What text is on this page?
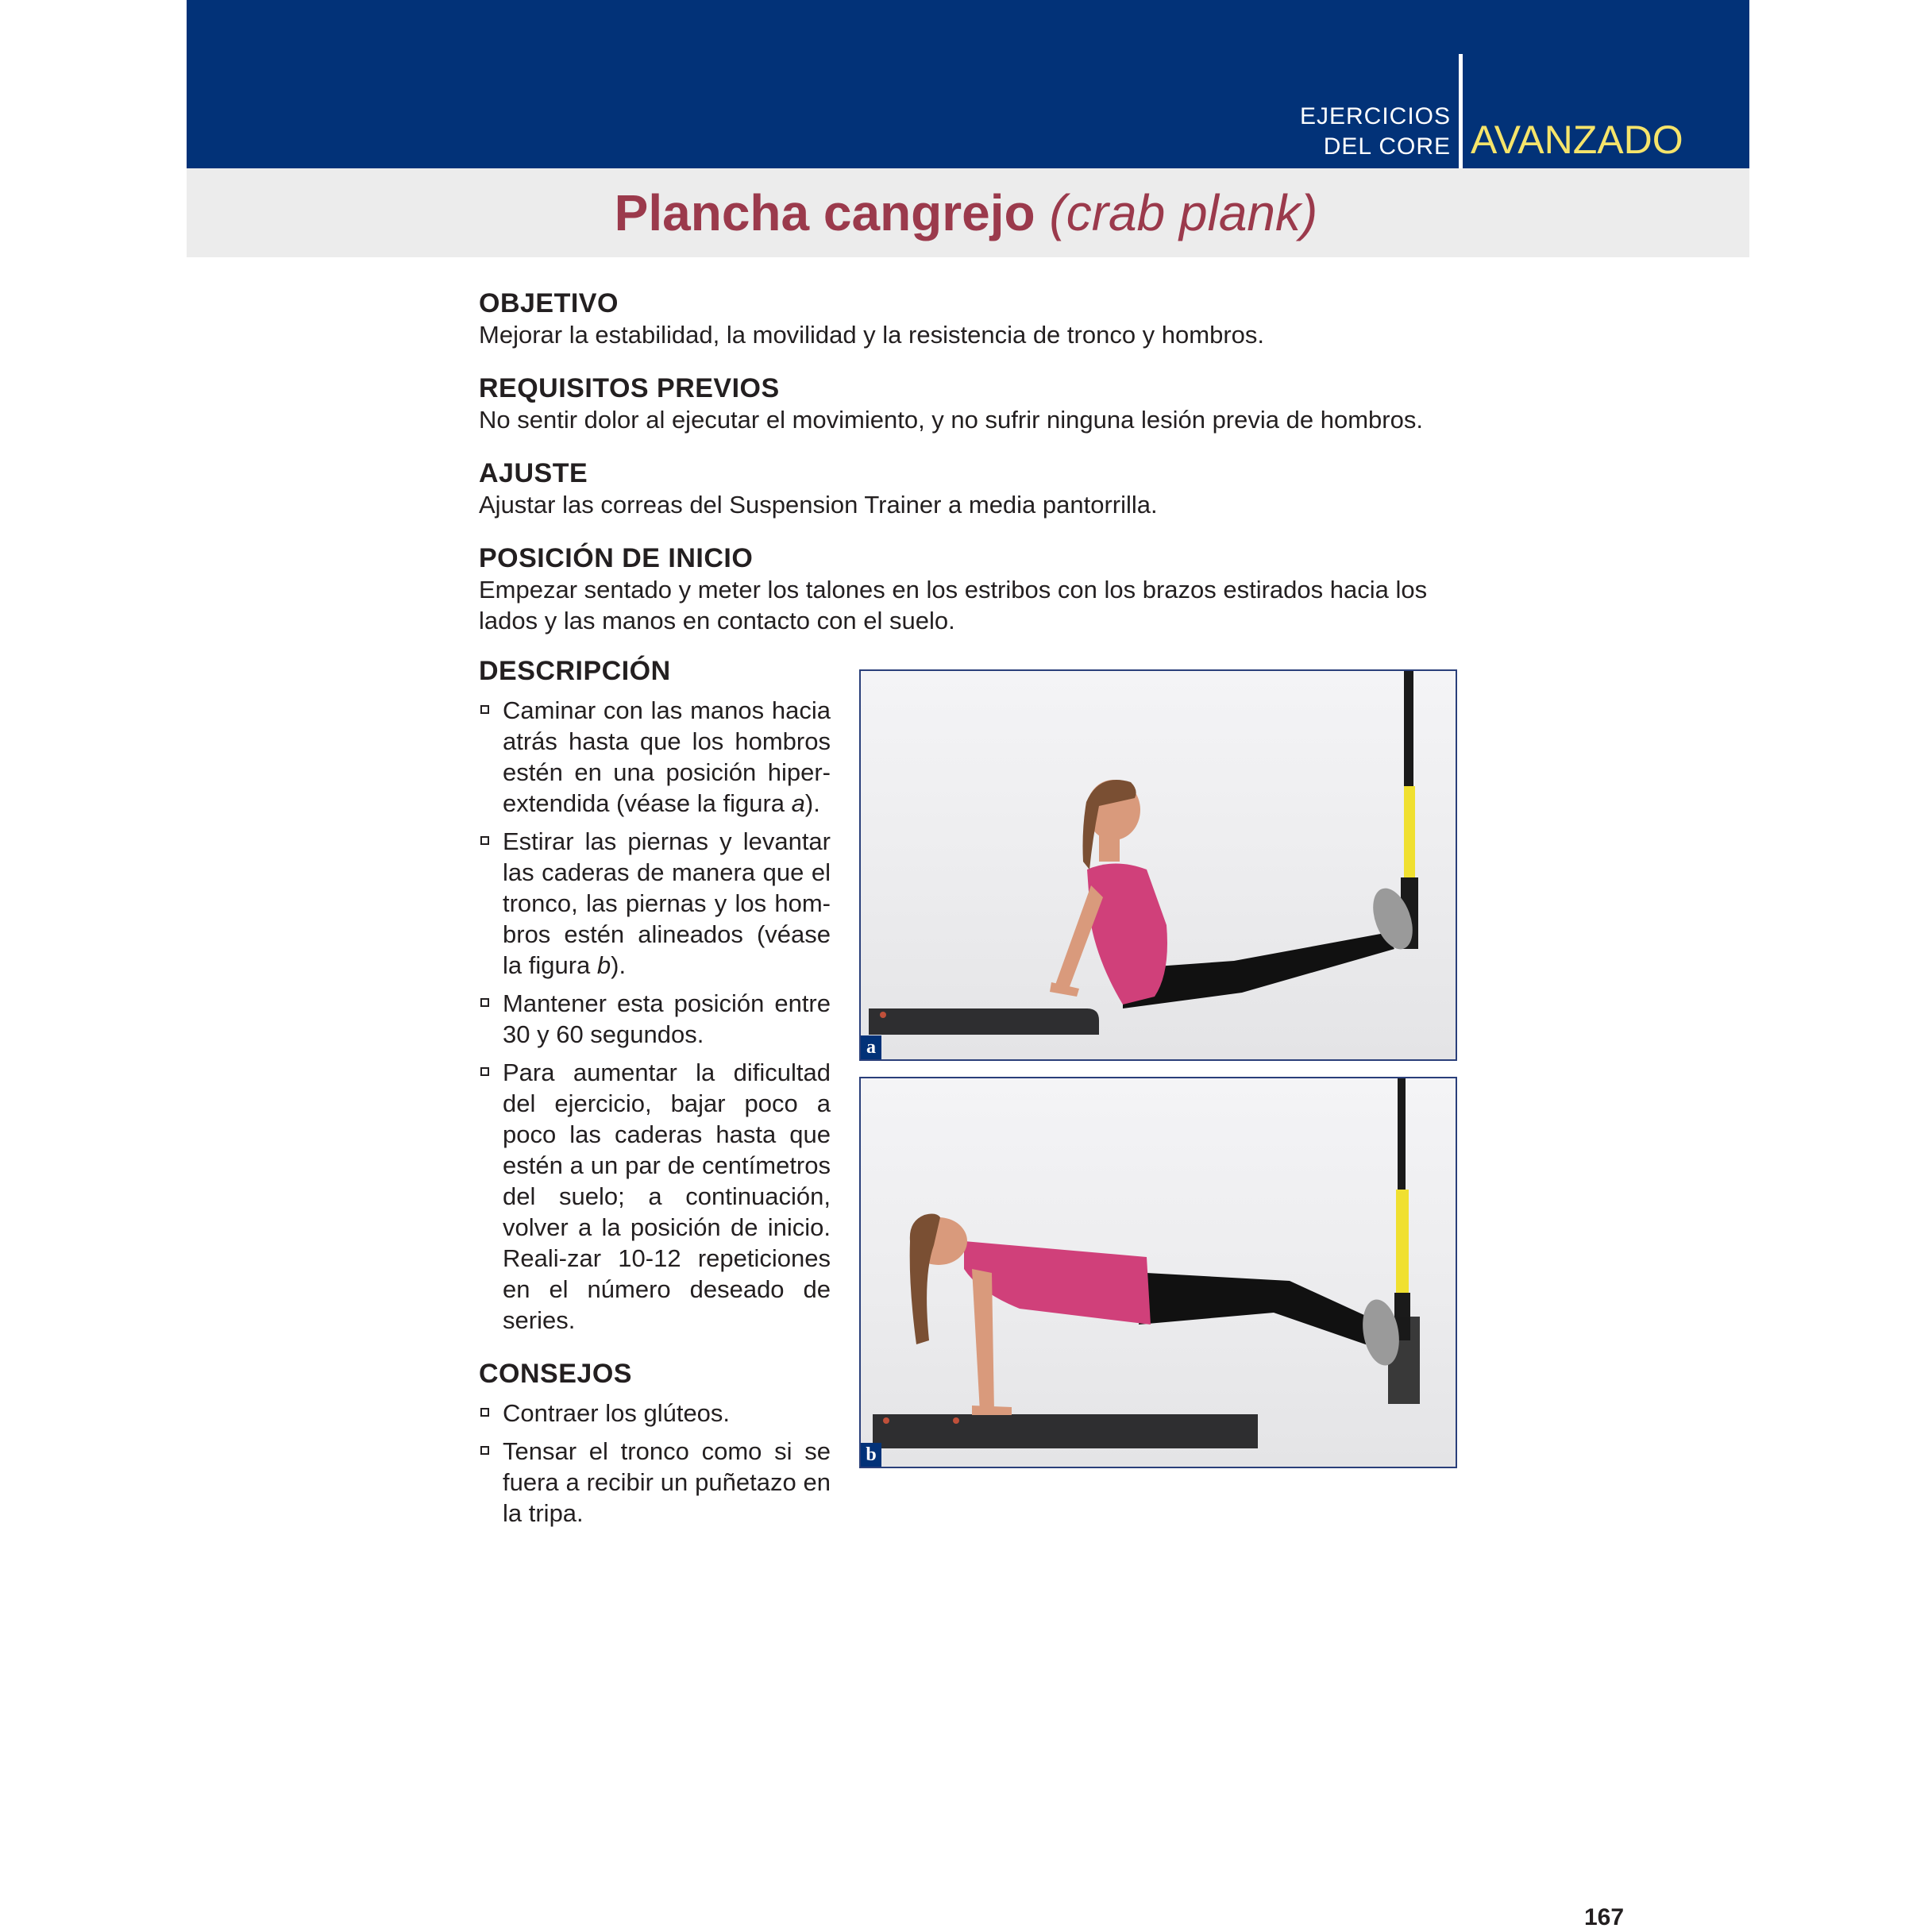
EJERCICIOS
DEL CORE AVANZADO
Plancha cangrejo (crab plank)

OBJETIVO

Mejorar la estabilidad, la movilidad y la resistencia de tronco y hombros.

REQUISITOS PREVIOS

No sentir dolor al ejecutar el movimiento, y no sufrir ninguna lesión previa de hombros.

AJUSTE

Ajustar las correas del Suspension Trainer a media pantorrilla.

POSICIÓN DE INICIO

Empezar sentado y meter los talones en los estribos con los brazos estirados hacia los lados y las manos en contacto con el suelo.

DESCRIPCIÓN

Caminar con las manos hacia atrás hasta que los hombros estén en una posición hiper-extendida (véase la figura a).
Estirar las piernas y levantar las caderas de manera que el tronco, las piernas y los hom-bros estén alineados (véase la figura b).
Mantener esta posición entre 30 y 60 segundos.
Para aumentar la dificultad del ejercicio, bajar poco a poco las caderas hasta que estén a un par de centímetros del suelo; a continuación, volver a la posición de inicio. Reali-zar 10-12 repeticiones en el número deseado de series.

CONSEJOS

Contraer los glúteos.
Tensar el tronco como si se fuera a recibir un puñetazo en la tripa.
a
b
167
